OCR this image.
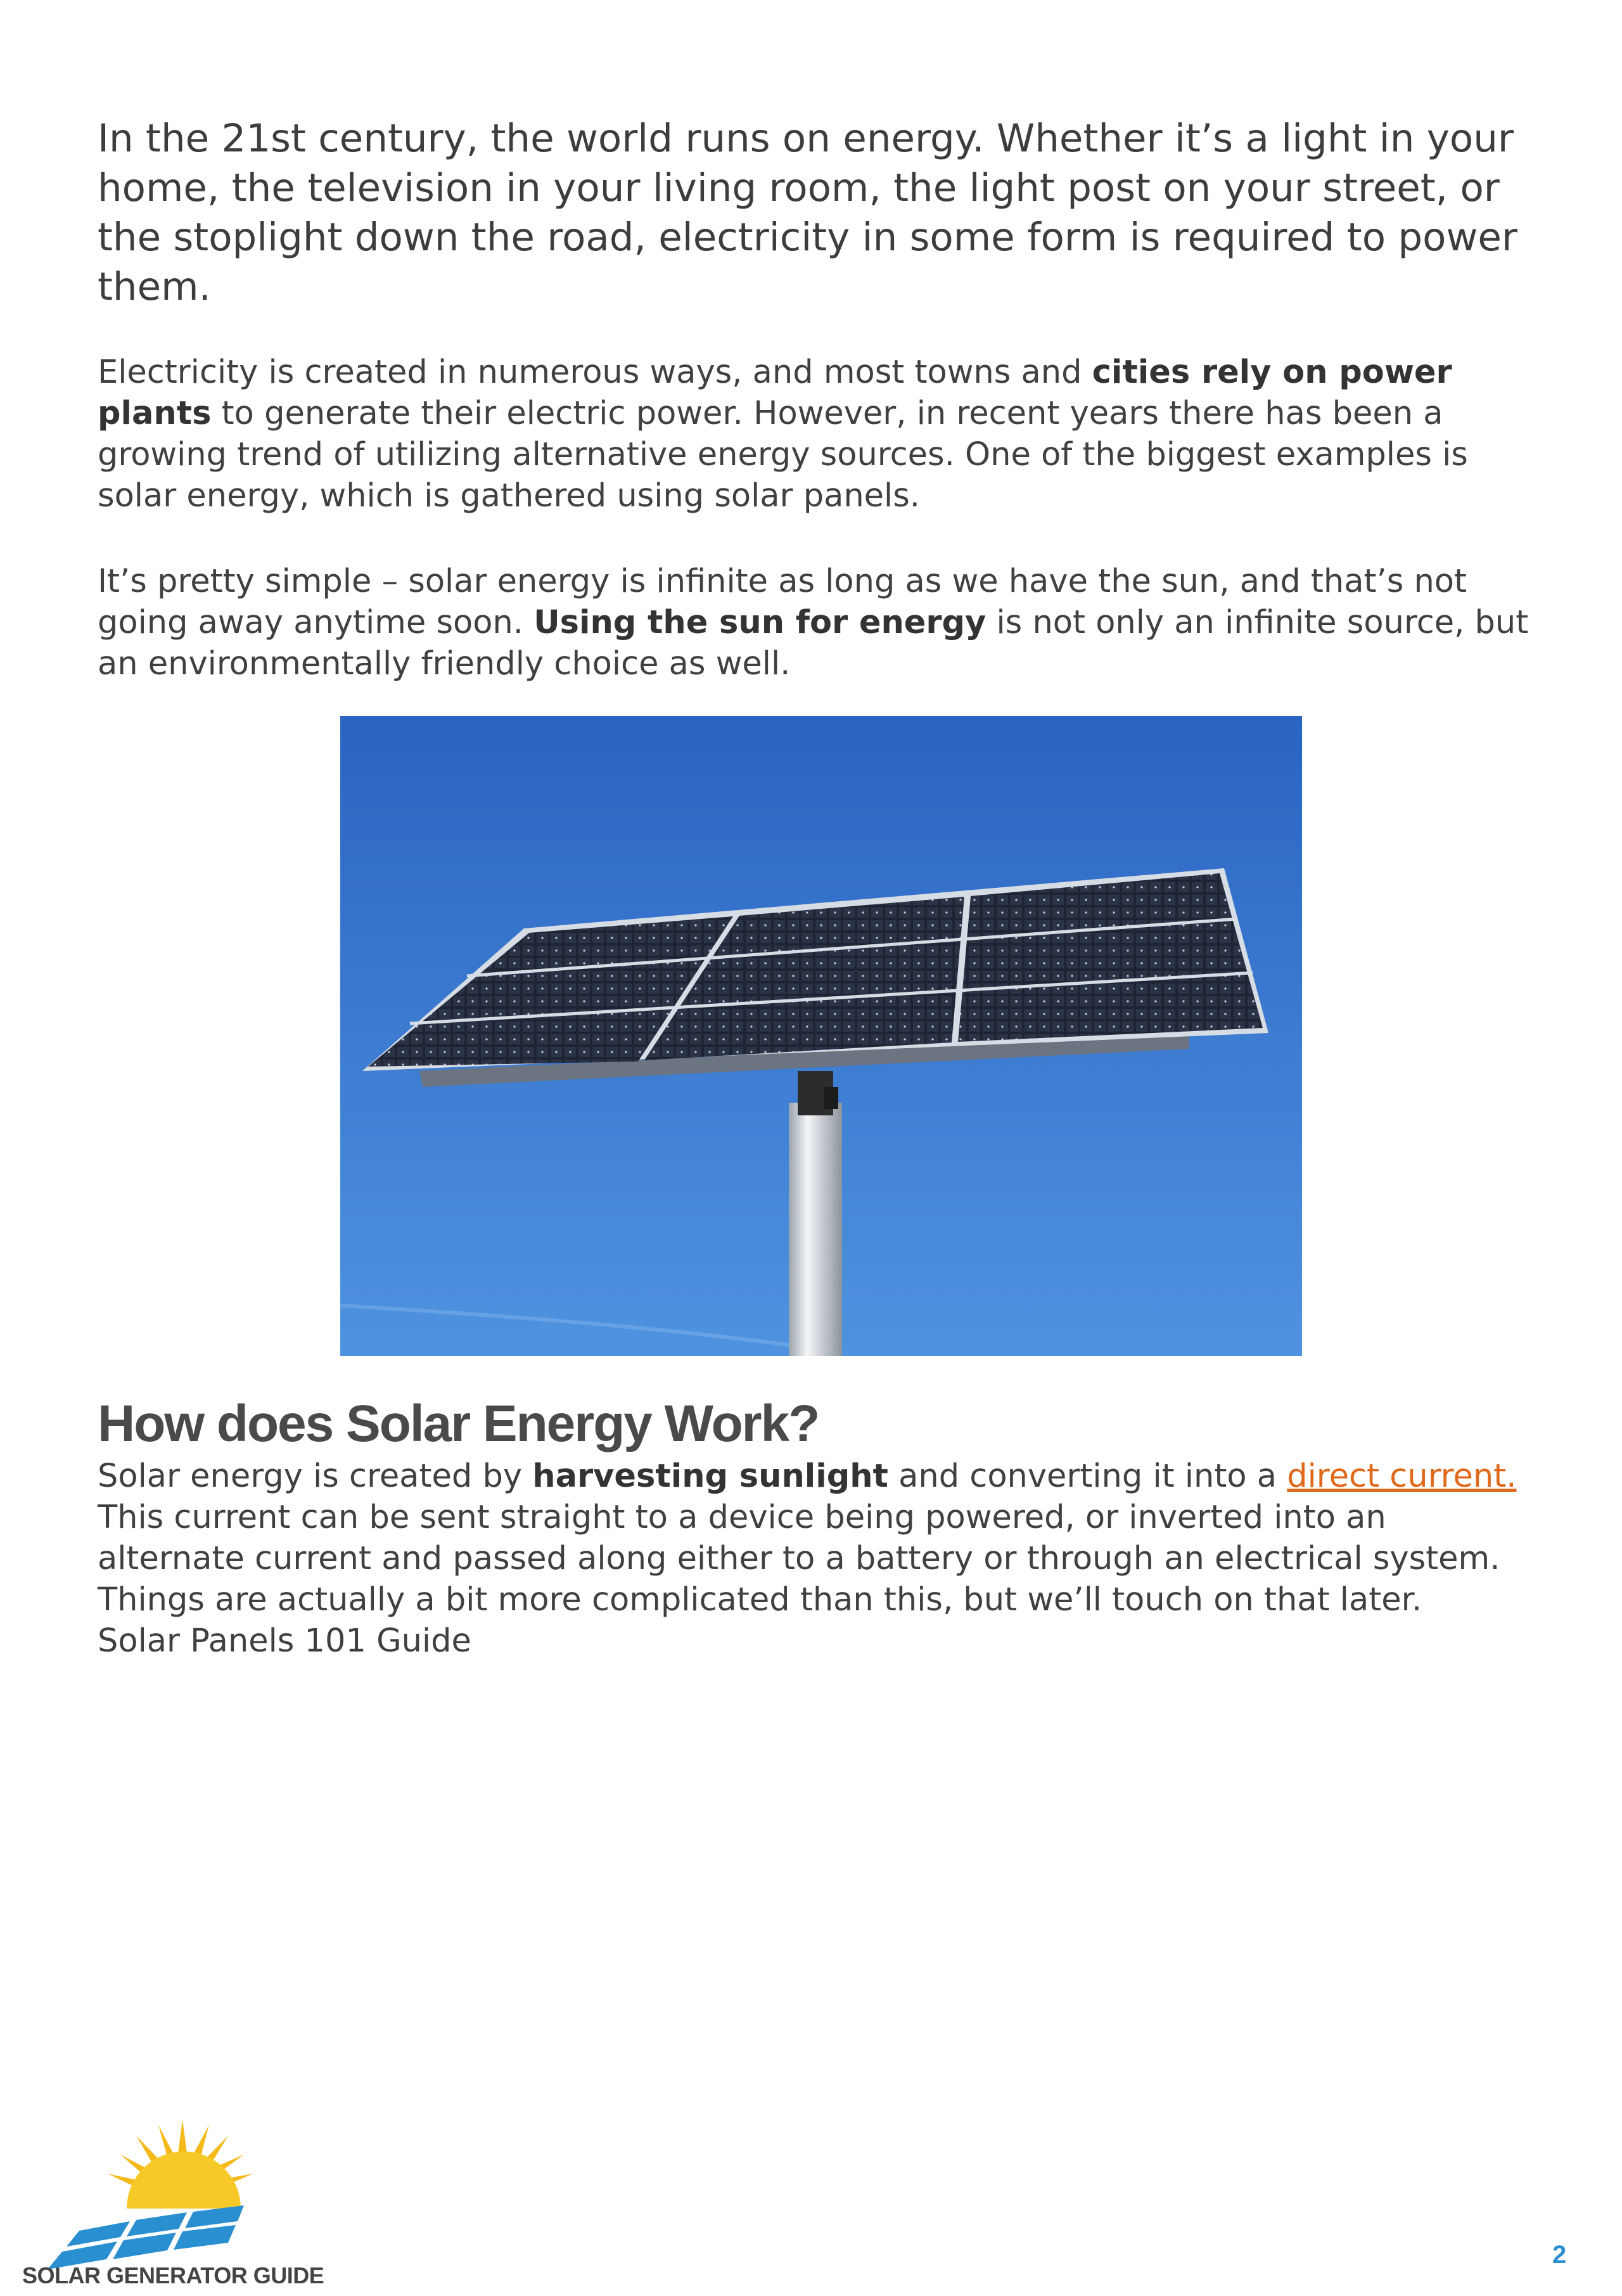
In the 21st century, the world runs on energy. Whether it’s a light in your home, the television in your living room, the light post on your street, or the stoplight down the road, electricity in some form is required to power them.

Electricity is created in numerous ways, and most towns and cities rely on power plants to generate their electric power. However, in recent years there has been a growing trend of utilizing alternative energy sources. One of the biggest examples is solar energy, which is gathered using solar panels.

It’s pretty simple – solar energy is infinite as long as we have the sun, and that’s not going away anytime soon. Using the sun for energy is not only an infinite source, but an environmentally friendly choice as well.

How does Solar Energy Work?
Solar energy is created by harvesting sunlight and converting it into a direct current. This current can be sent straight to a device being powered, or inverted into an alternate current and passed along either to a battery or through an electrical system. Things are actually a bit more complicated than this, but we’ll touch on that later.
Solar Panels 101 Guide
SOLAR GENERATOR GUIDE
2
